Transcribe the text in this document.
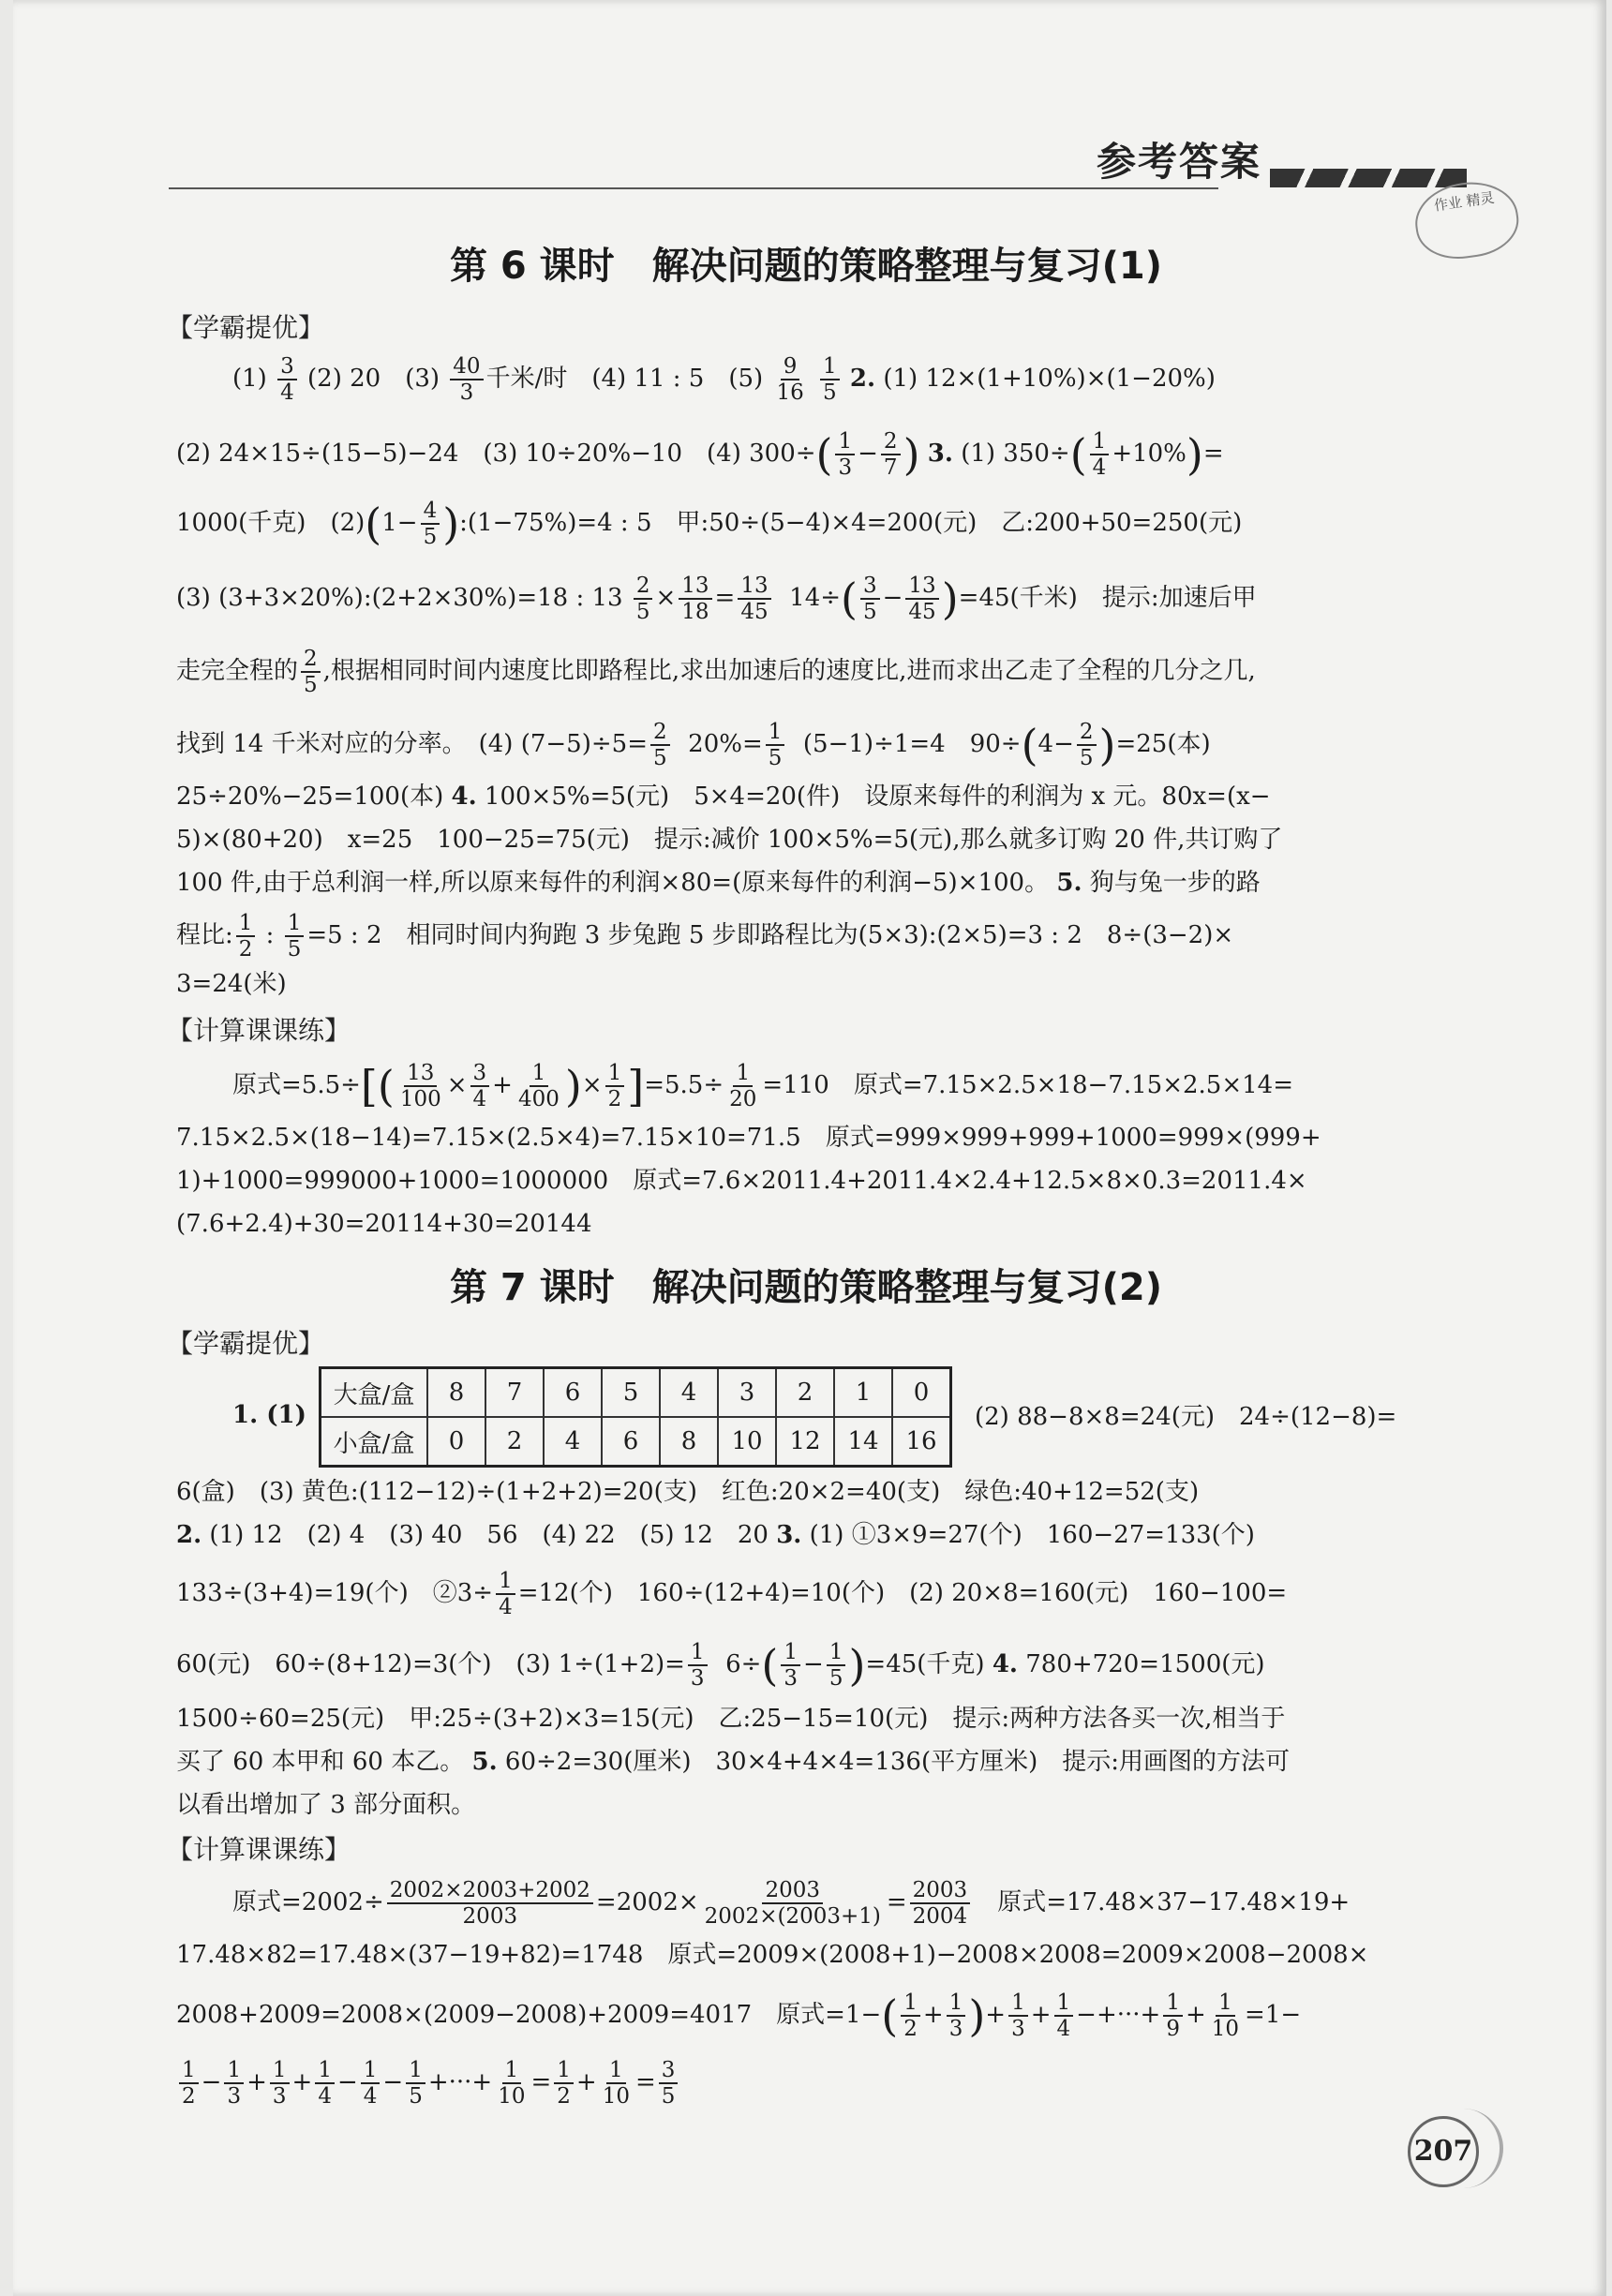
参考答案
作业 精灵
第 6 课时　解决问题的策略整理与复习(1)
【学霸提优】
$(1) \frac{3}{4} (2)$ 20　$(3) \frac{40}{3}$ 千米/时　(4) 11 : 5　$(5) \frac{9}{16}$
$\frac{1}{5} 2$. (1) 12×(1+10%)×(1−20%)
(2) 24×15÷(15−5)−24　(3) 10÷20%−10　(4) $300\div( \frac{1}{3} - \frac{2}{7}$ ) 3. (1) $350\div( \frac{1}{4} +10\%)=$
1000(千克)　$(2)(1- \frac{4}{5}$ ):(1−75%)=4 : 5　甲:50÷(5−4)×4=200(元)　乙:200+50=250(元)
(3) (3+3×20%):(2+2×30%)=18 : $13 \frac{2}{5} \times \frac{13}{18} = \frac{13}{45} 14\div( \frac{3}{5} - \frac{13}{45} )=45$(千米)　提示:加速后甲
走完全程的 $\frac{2}{5}$ ,根据相同时间内速度比即路程比,求出加速后的速度比,进而求出乙走了全程的几分之几,
找到 14 千米对应的分率。　(4) $(7-5)\div 5= \frac{2}{5} 20\%= \frac{1}{5} (5-1)\div 1=4$　$90\div(4- \frac{2}{5} )=25$(本)
25÷20%−25=100(本) 4. 100×5%=5(元)　5×4=20(件)　设原来每件的利润为 x 元。80x=(x−
5)×(80+20)　x=25　100−25=75(元)　提示:减价 100×5%=5(元),那么就多订购 20 件,共订购了
100 件,由于总利润一样,所以原来每件的利润×80=(原来每件的利润−5)×100。 5. 狗与兔一步的路
程比: $\frac{1}{2}$ : $\frac{1}{5} =5$ : 2　相同时间内狗跑 3 步兔跑 5 步即路程比为(5×3):(2×5)=3 : 2　8÷(3−2)×
3=24(米)
【计算课课练】
原式$=5.5\div[( \frac{13}{100} \times \frac{3}{4} + \frac{1}{400}$ )× $\frac{1}{2} ]=5.5\div \frac{1}{20} =110$　原式=7.15×2.5×18−7.15×2.5×14=
7.15×2.5×(18−14)=7.15×(2.5×4)=7.15×10=71.5　原式=999×999+999+1000=999×(999+
1)+1000=999000+1000=1000000　原式=7.6×2011.4+2011.4×2.4+12.5×8×0.3=2011.4×
(7.6+2.4)+30=20114+30=20144
第 7 课时　解决问题的策略整理与复习(2)
【学霸提优】
1. (1)
大盒/盒	8	7	6	5	4	3	2	1	0
小盒/盒	0	2	4	6	8	10	12	14	16
(2) 88−8×8=24(元)　24÷(12−8)=
6(盒)　(3) 黄色:(112−12)÷(1+2+2)=20(支)　红色:20×2=40(支)　绿色:40+12=52(支)
2. (1) 12　(2) 4　(3) 40　56　(4) 22　(5) 12　20 3. (1) ①3×9=27(个)　160−27=133(个)
133÷(3+4)=19(个)　②3÷ $\frac{1}{4} =12$(个)　160÷(12+4)=10(个)　(2) 20×8=160(元)　160−100=
60(元)　60÷(8+12)=3(个)　(3) $1\div(1+2)= \frac{1}{3} 6\div( \frac{1}{3} - \frac{1}{5} )=45$(千克) 4. 780+720=1500(元)
1500÷60=25(元)　甲:25÷(3+2)×3=15(元)　乙:25−15=10(元)　提示:两种方法各买一次,相当于
买了 60 本甲和 60 本乙。 5. 60÷2=30(厘米)　30×4+4×4=136(平方厘米)　提示:用画图的方法可
以看出增加了 3 部分面积。
【计算课课练】
原式$=2002\div \frac{2002\times 2003+2002}{2003} =2002\times \frac{2003}{2002\times(2003+1)} = \frac{2003}{2004}$ 　原式=17.48×37−17.48×19+
17.48×82=17.48×(37−19+82)=1748　原式=2009×(2008+1)−2008×2008=2009×2008−2008×
2008+2009=2008×(2009−2008)+2009=4017　原式$=1-( \frac{1}{2} + \frac{1}{3}$ )+ $\frac{1}{3} + \frac{1}{4}$ −+···+ $\frac{1}{9} + \frac{1}{10} =1-$
$\frac{1}{2} - \frac{1}{3} + \frac{1}{3} + \frac{1}{4} - \frac{1}{4} - \frac{1}{5}$ +···+ $\frac{1}{10} = \frac{1}{2} + \frac{1}{10} = \frac{3}{5}$
207
